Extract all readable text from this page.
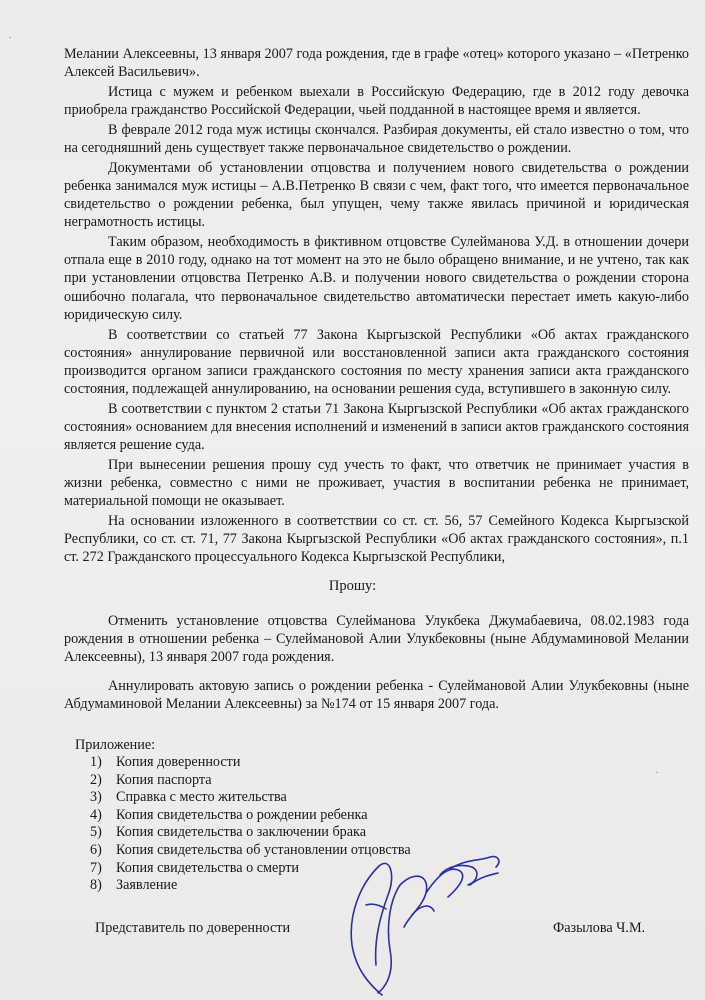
·
·

Мелании Алексеевны, 13 января 2007 года рождения, где в графе «отец» которого указано – «Петренко Алексей Васильевич».

Истица с мужем и ребенком выехали в Российскую Федерацию, где в 2012 году девочка приобрела гражданство Российской Федерации, чьей подданной в настоящее время и является.

В феврале 2012 года муж истицы скончался. Разбирая документы, ей стало известно о том, что на сегодняшний день существует также первоначальное свидетельство о рождении.

Документами об установлении отцовства и получением нового свидетельства о рождении ребенка занимался муж истицы – А.В.Петренко В связи с чем, факт того, что имеется первоначальное свидетельство о рождении ребенка, был упущен, чему также явилась причиной и юридическая неграмотность истицы.

Таким образом, необходимость в фиктивном отцовстве Сулейманова У.Д. в отношении дочери отпала еще в 2010 году, однако на тот момент на это не было обращено внимание, и не учтено, так как при установлении отцовства Петренко А.В. и получении нового свидетельства о рождении сторона ошибочно полагала, что первоначальное свидетельство автоматически перестает иметь какую-либо юридическую силу.

В соответствии со статьей 77 Закона Кыргызской Республики «Об актах гражданского состояния» аннулирование первичной или восстановленной записи акта гражданского состояния производится органом записи гражданского состояния по месту хранения записи акта гражданского состояния, подлежащей аннулированию, на основании решения суда, вступившего в законную силу.

В соответствии с пунктом 2 статьи 71 Закона Кыргызской Республики «Об актах гражданского состояния» основанием для внесения исполнений и изменений в записи актов гражданского состояния является решение суда.

При вынесении решения прошу суд учесть то факт, что ответчик не принимает участия в жизни ребенка, совместно с ними не проживает, участия в воспитании ребенка не принимает, материальной помощи не оказывает.

На основании изложенного в соответствии со ст. ст. 56, 57 Семейного Кодекса Кыргызской Республики, со ст. ст. 71, 77 Закона Кыргызской Республики «Об актах гражданского состояния», п.1 ст. 272 Гражданского процессуального Кодекса Кыргызской Республики,

Прошу:

Отменить установление отцовства Сулейманова Улукбека Джумабаевича, 08.02.1983 года рождения в отношении ребенка – Сулеймановой Алии Улукбековны (ныне Абдумаминовой Мелании Алексеевны), 13 января 2007 года рождения.

Аннулировать актовую запись о рождении ребенка - Сулеймановой Алии Улукбековны (ныне Абдумаминовой Мелании Алексеевны) за №174 от 15 января 2007 года.

Приложение:
1) Копия доверенности
2) Копия паспорта
3) Справка с место жительства
4) Копия свидетельства о рождении ребенка
5) Копия свидетельства о заключении брака
6) Копия свидетельства об установлении отцовства
7) Копия свидетельства о смерти
8) Заявление
Представитель по доверенности	Фазылова Ч.М.
